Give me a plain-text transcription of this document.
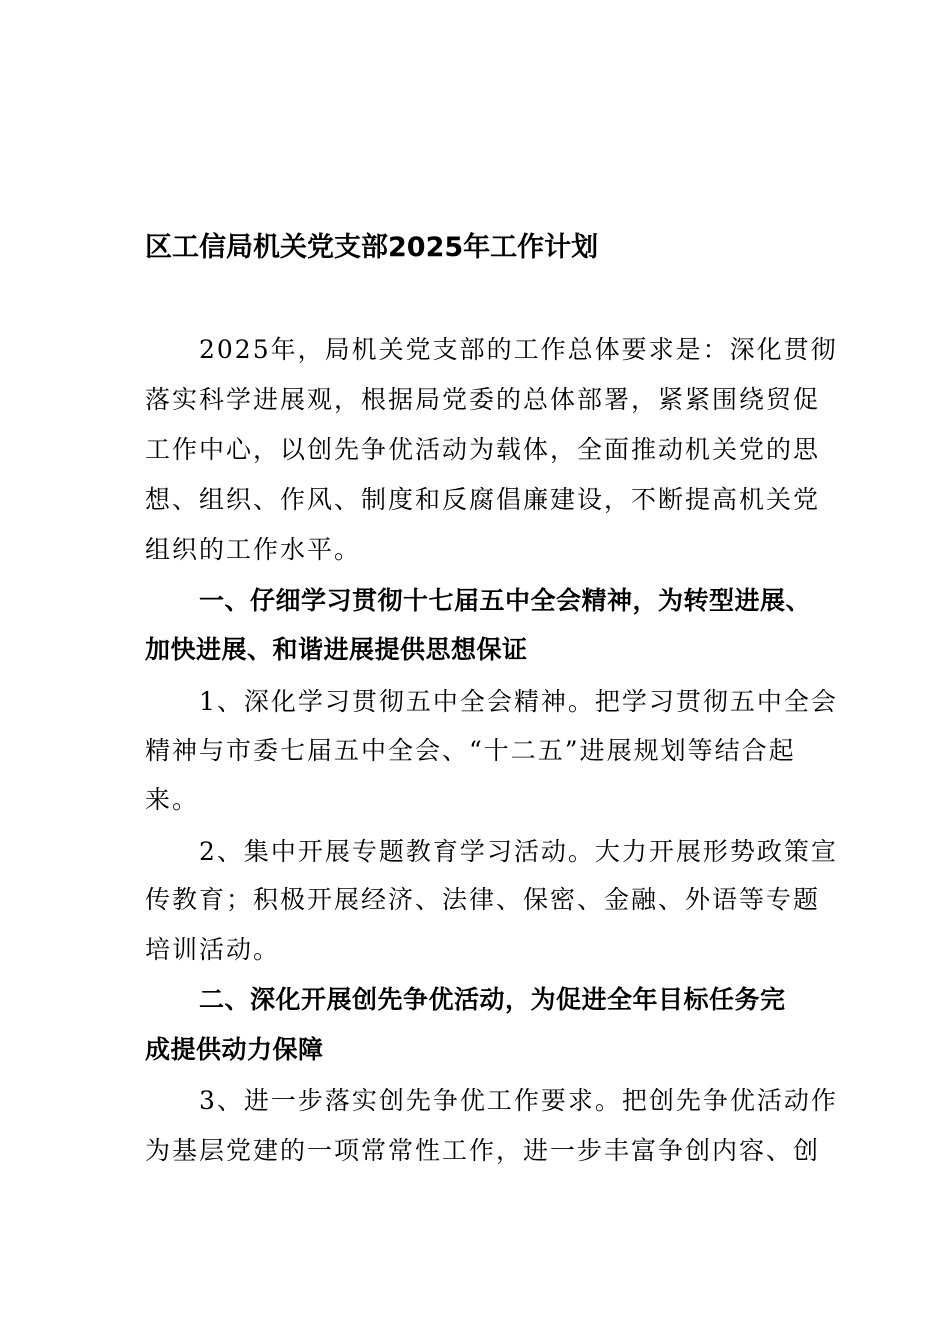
区工信局机关党支部2025年工作计划
2025年，局机关党支部的工作总体要求是：深化贯彻
落实科学进展观，根据局党委的总体部署，紧紧围绕贸促
工作中心，以创先争优活动为载体，全面推动机关党的思
想、组织、作风、制度和反腐倡廉建设，不断提高机关党
组织的工作水平。
一、仔细学习贯彻十七届五中全会精神，为转型进展、
加快进展、和谐进展提供思想保证
1、深化学习贯彻五中全会精神。把学习贯彻五中全会
精神与市委七届五中全会、“十二五”进展规划等结合起
来。
2、集中开展专题教育学习活动。大力开展形势政策宣
传教育；积极开展经济、法律、保密、金融、外语等专题
培训活动。
二、深化开展创先争优活动，为促进全年目标任务完
成提供动力保障
3、进一步落实创先争优工作要求。把创先争优活动作
为基层党建的一项常常性工作，进一步丰富争创内容、创
